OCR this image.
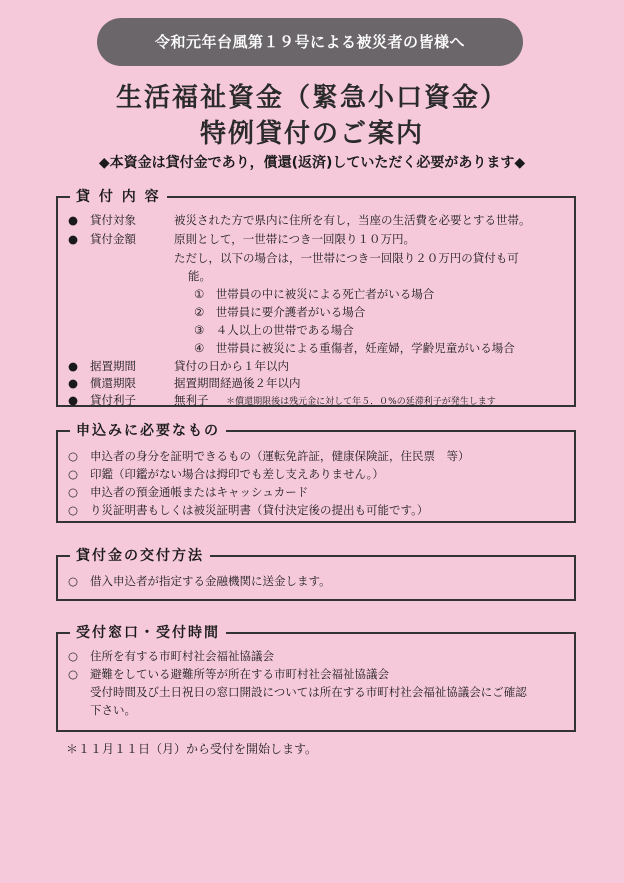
令和元年台風第１９号による被災者の皆様へ
生活福祉資金（緊急小口資金）
特例貸付のご案内
◆本資金は貸付金であり，償還(返済)していただく必要があります◆
貸 付 内 容
● 貸付対象	被災された方で県内に住所を有し，当座の生活費を必要とする世帯。
● 貸付金額	原則として，一世帯につき一回限り１０万円。
ただし，以下の場合は，一世帯につき一回限り２０万円の貸付も可
能。
①　世帯員の中に被災による死亡者がいる場合
②　世帯員に要介護者がいる場合
③　４人以上の世帯である場合
④　世帯員に被災による重傷者，妊産婦，学齢児童がいる場合
● 据置期間	貸付の日から１年以内
● 償還期限	据置期間経過後２年以内
● 貸付利子	無利子 ＊償還期限後は残元金に対して年５．０%の延滞利子が発生します
申込みに必要なもの
○ 申込者の身分を証明できるもの（運転免許証，健康保険証，住民票　等）
○ 印鑑（印鑑がない場合は拇印でも差し支えありません。）
○ 申込者の預金通帳またはキャッシュカード
○ り災証明書もしくは被災証明書（貸付決定後の提出も可能です。）
貸付金の交付方法
○ 借入申込者が指定する金融機関に送金します。
受付窓口・受付時間
○ 住所を有する市町村社会福祉協議会
○ 避難をしている避難所等が所在する市町村社会福祉協議会
受付時間及び土日祝日の窓口開設については所在する市町村社会福祉協議会にご確認
下さい。
＊１１月１１日（月）から受付を開始します。
